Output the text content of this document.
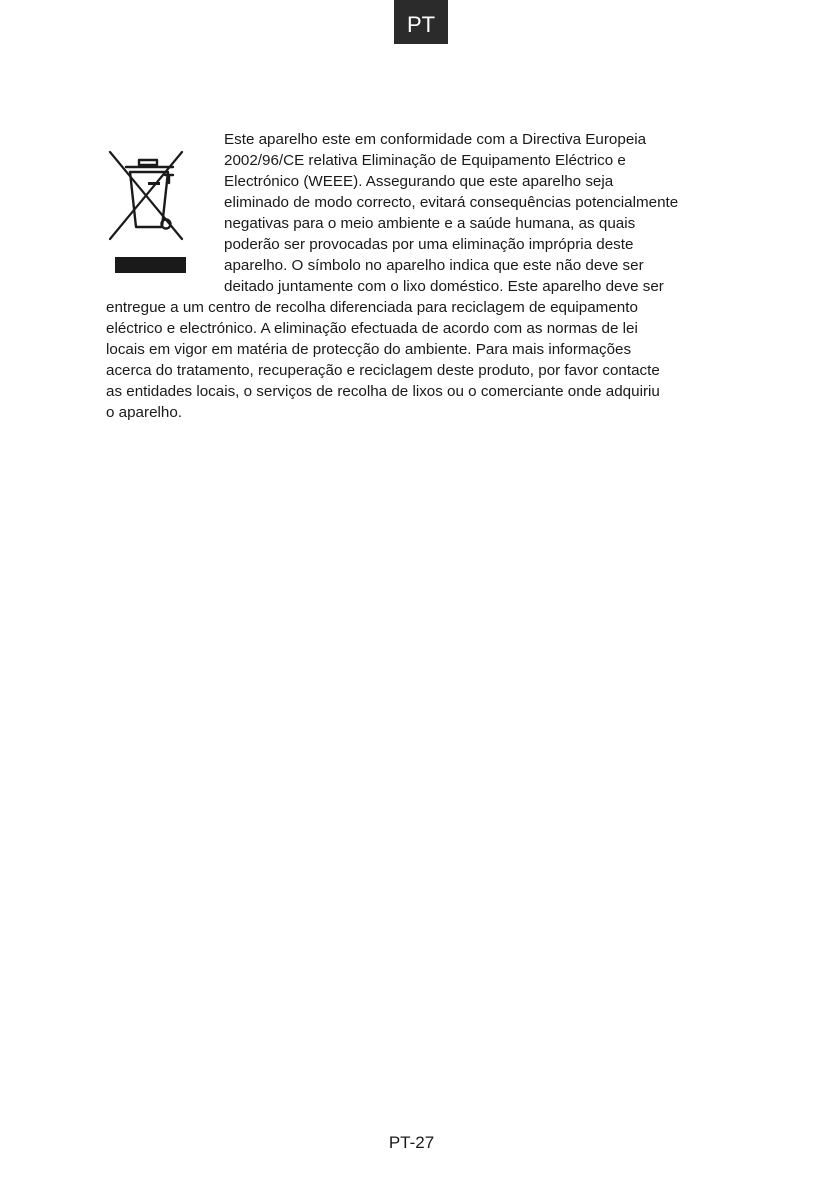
PT
Este aparelho este em conformidade com a Directiva Europeia
2002/96/CE relativa Eliminação de Equipamento Eléctrico e
Electrónico (WEEE). Assegurando que este aparelho seja
eliminado de modo correcto, evitará consequências potencialmente
negativas para o meio ambiente e a saúde humana, as quais
poderão ser provocadas por uma eliminação imprópria deste
aparelho. O símbolo no aparelho indica que este não deve ser
deitado juntamente com o lixo doméstico. Este aparelho deve ser
entregue a um centro de recolha diferenciada para reciclagem de equipamento
eléctrico e electrónico. A eliminação efectuada de acordo com as normas de lei
locais em vigor em matéria de protecção do ambiente. Para mais informações
acerca do tratamento, recuperação e reciclagem deste produto, por favor contacte
as entidades locais, o serviços de recolha de lixos ou o comerciante onde adquiriu
o aparelho.
PT-27
